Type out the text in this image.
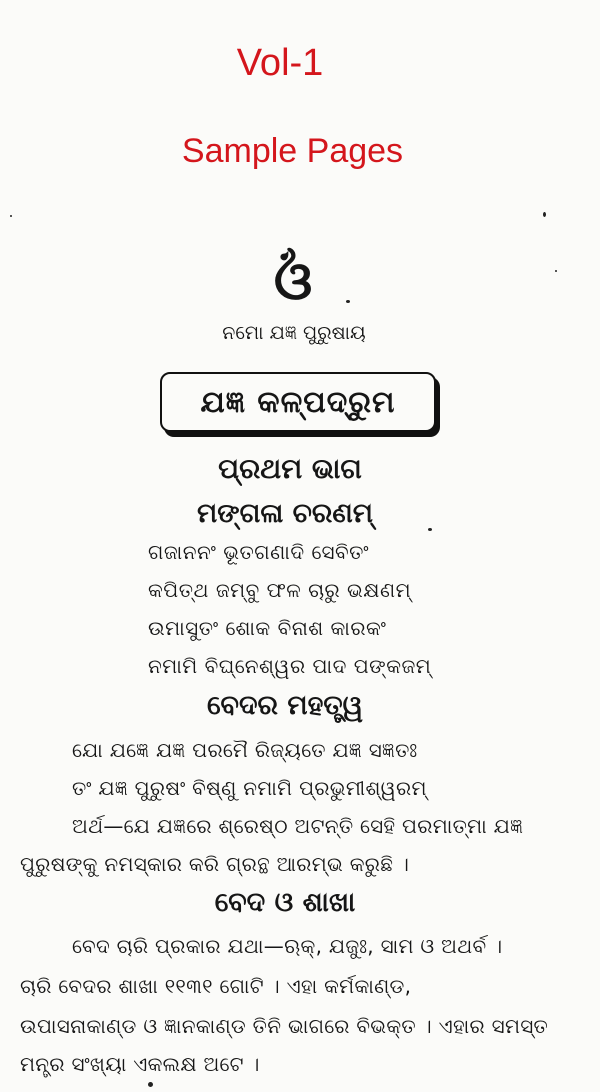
Vol-1
Sample Pages
ଓଁ
ନମୋ ଯଜ୍ଞ ପୁରୁଷାୟ
ଯଜ୍ଞ କଳ୍ପଦ୍ରୁମ
ପ୍ରଥମ ଭାଗ
ମଙ୍ଗଳା ଚରଣମ୍
ଗଜାନନଂ ଭୂତଗଣାଦି ସେବିତଂ
କପିତ୍‌ଥ ଜମ୍ବୁ ଫଳ ଚାରୁ ଭକ୍ଷଣମ୍
ଉମାସୁତଂ ଶୋକ ବିନାଶ କାରକଂ
ନମାମି ବିଘ୍ନେଶ୍ୱର ପାଦ ପଙ୍କଜମ୍
ବେଦର ମହତ୍ତ୍ୱ
ଯୋ ଯଜ୍ଞେ ଯଜ୍ଞ ପରମୈ ରିଜ୍ୟତେ ଯଜ୍ଞ ସଜ୍ଞତଃ
ତଂ ଯଜ୍ଞ ପୁରୁଷଂ ବିଷ୍ଣୁ ନମାମି ପ୍ରଭୁମୀଶ୍ୱରମ୍
ଅର୍ଥ—ଯେ ଯଜ୍ଞରେ ଶ୍ରେଷ୍ଠ ଅଟନ୍ତି ସେହି ପରମାତ୍ମା ଯଜ୍ଞ
ପୁରୁଷଙ୍କୁ ନମସ୍କାର କରି ଗ୍ରନ୍ଥ ଆରମ୍ଭ କରୁଛି ।
ବେଦ ଓ ଶାଖା
ବେଦ ଚାରି ପ୍ରକାର ଯଥା—ଋକ୍, ଯଜୁଃ, ସାମ ଓ ଅଥର୍ବ ।
ଚାରି ବେଦର ଶାଖା ୧୧୩୧ ଗୋଟି । ଏହା କର୍ମକାଣ୍ଡ,
ଉପାସନାକାଣ୍ଡ ଓ ଜ୍ଞାନକାଣ୍ଡ ତିନି ଭାଗରେ ବିଭକ୍ତ । ଏହାର ସମସ୍ତ
ମନ୍ତ୍ର ସଂଖ୍ୟା ଏକଲକ୍ଷ ଅଟେ ।
